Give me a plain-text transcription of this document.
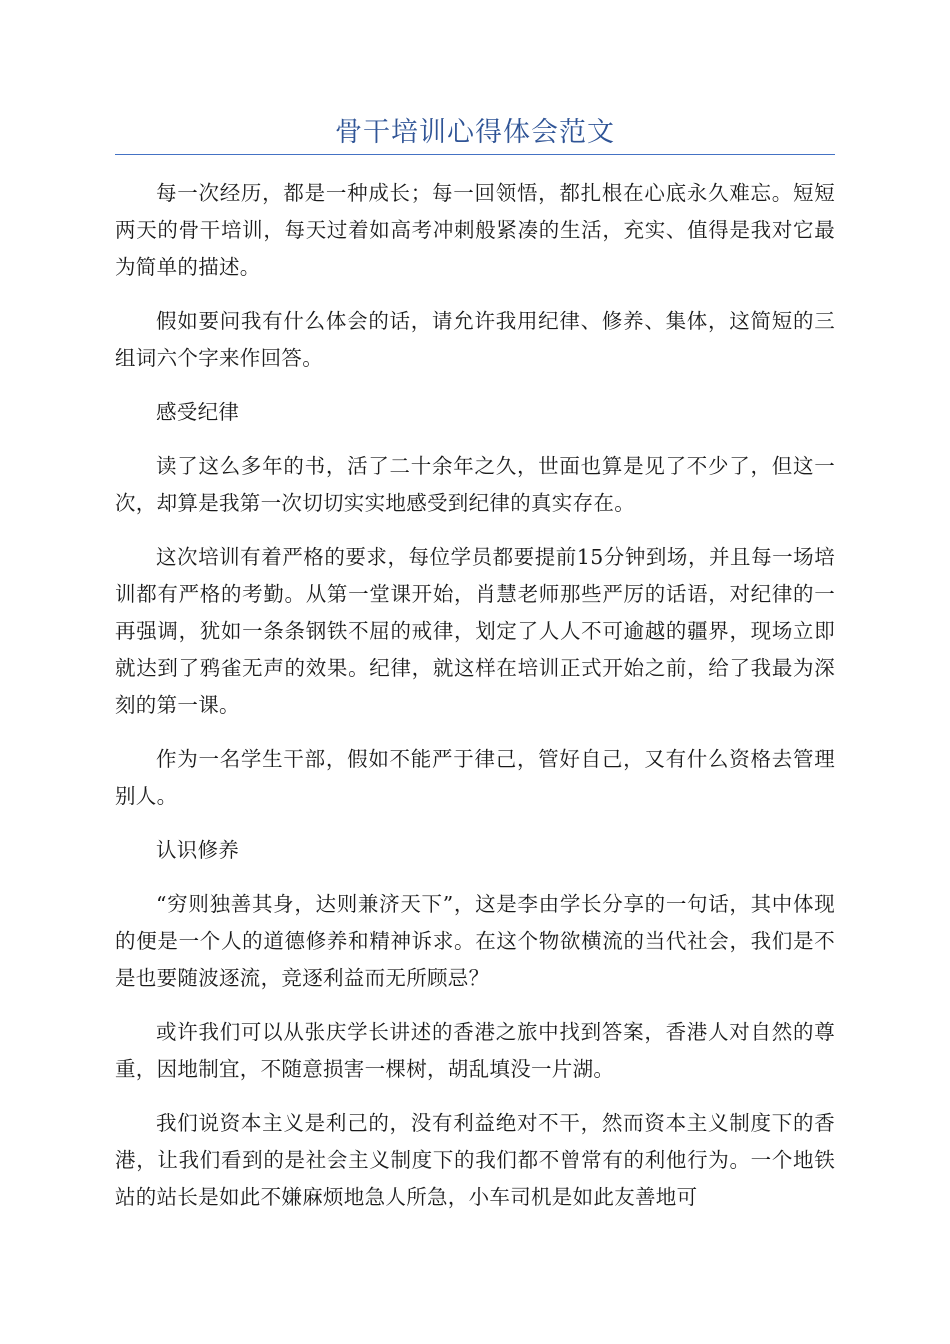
骨干培训心得体会范文

每一次经历，都是一种成长；每一回领悟，都扎根在心底永久难忘。短短两天的骨干培训，每天过着如高考冲刺般紧凑的生活，充实、值得是我对它最为简单的描述。

假如要问我有什么体会的话，请允许我用纪律、修养、集体，这简短的三组词六个字来作回答。

感受纪律

读了这么多年的书，活了二十余年之久，世面也算是见了不少了，但这一次，却算是我第一次切切实实地感受到纪律的真实存在。

这次培训有着严格的要求，每位学员都要提前15分钟到场，并且每一场培训都有严格的考勤。从第一堂课开始，肖慧老师那些严厉的话语，对纪律的一再强调，犹如一条条钢铁不屈的戒律，划定了人人不可逾越的疆界，现场立即就达到了鸦雀无声的效果。纪律，就这样在培训正式开始之前，给了我最为深刻的第一课。

作为一名学生干部，假如不能严于律己，管好自己，又有什么资格去管理别人。

认识修养

“穷则独善其身，达则兼济天下”，这是李由学长分享的一句话，其中体现的便是一个人的道德修养和精神诉求。在这个物欲横流的当代社会，我们是不是也要随波逐流，竞逐利益而无所顾忌？

或许我们可以从张庆学长讲述的香港之旅中找到答案，香港人对自然的尊重，因地制宜，不随意损害一棵树，胡乱填没一片湖。

我们说资本主义是利己的，没有利益绝对不干，然而资本主义制度下的香港，让我们看到的是社会主义制度下的我们都不曾常有的利他行为。一个地铁站的站长是如此不嫌麻烦地急人所急，小车司机是如此友善地可
